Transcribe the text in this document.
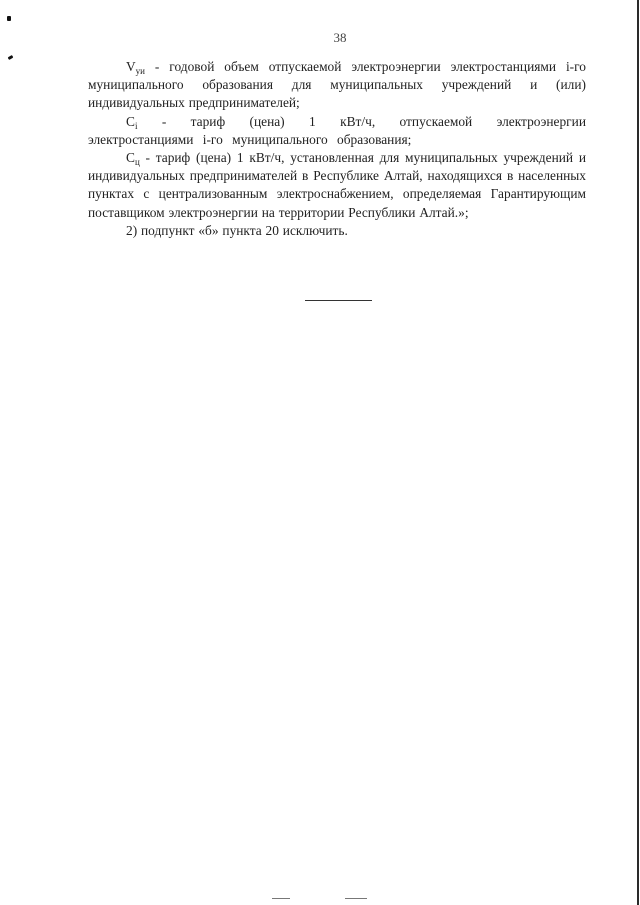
38

$V_{уи}$ - годовой объем отпускаемой электроэнергии электростанциями i-го муниципального образования для муниципальных учреждений и (или) индивидуальных предпринимателей;

$C_i$ - тариф (цена) 1 кВт/ч, отпускаемой электроэнергии электростанциями i-го муниципального образования;

$C_ц$ - тариф (цена) 1 кВт/ч, установленная для муниципальных учреждений и индивидуальных предпринимателей в Республике Алтай, находящихся в населенных пунктах с централизованным электроснабжением, определяемая Гарантирующим поставщиком электроэнергии на территории Республики Алтай.»;

2) подпункт «б» пункта 20 исключить.
